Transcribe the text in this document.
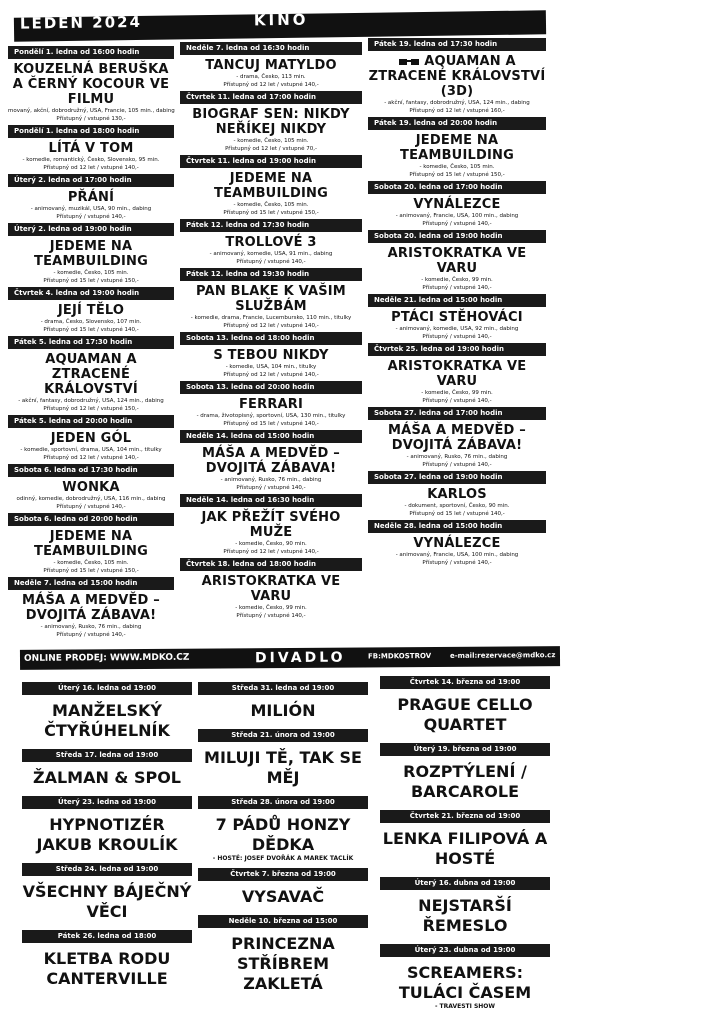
LEDEN 2024	KINO
Pondělí 1. ledna od 16:00 hodin
KOUZELNÁ BERUŠKA A ČERNÝ KOCOUR VE FILMU
movaný, akční, dobrodružný, USA, Francie, 105 min., dabing
Přístupný / vstupné 130,-
Pondělí 1. ledna od 18:00 hodin
LÍTÁ V TOM
- komedie, romantický, Česko, Slovensko, 95 min.
Přístupný od 12 let / vstupné 140,-
Úterý 2. ledna od 17:00 hodin
PŘÁNÍ
- animovaný, muzikál, USA, 90 min., dabing
Přístupný / vstupné 140,-
Úterý 2. ledna od 19:00 hodin
JEDEME NA TEAMBUILDING
- komedie, Česko, 105 min.
Přístupný od 15 let / vstupné 150,-
Čtvrtek 4. ledna od 19:00 hodin
JEJÍ TĚLO
- drama, Česko, Slovensko, 107 min.
Přístupný od 15 let / vstupné 140,-
Pátek 5. ledna od 17:30 hodin
AQUAMAN A ZTRACENÉ KRÁLOVSTVÍ
- akční, fantasy, dobrodružný, USA, 124 min., dabing
Přístupný od 12 let / vstupné 150,-
Pátek 5. ledna od 20:00 hodin
JEDEN GÓL
- komedie, sportovní, drama, USA, 104 min., titulky
Přístupný od 12 let / vstupné 140,-
Sobota 6. ledna od 17:30 hodin
WONKA
odinný, komedie, dobrodružný, USA, 116 min., dabing
Přístupný / vstupné 140,-
Sobota 6. ledna od 20:00 hodin
JEDEME NA TEAMBUILDING
- komedie, Česko, 105 min.
Přístupný od 15 let / vstupné 150,-
Neděle 7. ledna od 15:00 hodin
MÁŠA A MEDVĚD – DVOJITÁ ZÁBAVA!
- animovaný, Rusko, 76 min., dabing
Přístupný / vstupné 140,-
Neděle 7. ledna od 16:30 hodin
TANCUJ MATYLDO
- drama, Česko, 113 min.
Přístupný od 12 let / vstupné 140,-
Čtvrtek 11. ledna od 17:00 hodin
BIOGRAF SEN: NIKDY NEŘÍKEJ NIKDY
- komedie, Česko, 105 min.
Přístupný od 12 let / vstupné 70,-
Čtvrtek 11. ledna od 19:00 hodin
JEDEME NA TEAMBUILDING
- komedie, Česko, 105 min.
Přístupný od 15 let / vstupné 150,-
Pátek 12. ledna od 17:30 hodin
TROLLOVÉ 3
- animovaný, komedie, USA, 91 min., dabing
Přístupný / vstupné 140,-
Pátek 12. ledna od 19:30 hodin
PAN BLAKE K VAŠIM SLUŽBÁM
- komedie, drama, Francie, Lucembursko, 110 min., titulky
Přístupný od 12 let / vstupné 140,-
Sobota 13. ledna od 18:00 hodin
S TEBOU NIKDY
- komedie, USA, 104 min., titulky
Přístupný od 12 let / vstupné 140,-
Sobota 13. ledna od 20:00 hodin
FERRARI
- drama, životopisný, sportovní, USA, 130 min., titulky
Přístupný od 15 let / vstupné 140,-
Neděle 14. ledna od 15:00 hodin
MÁŠA A MEDVĚD – DVOJITÁ ZÁBAVA!
- animovaný, Rusko, 76 min., dabing
Přístupný / vstupné 140,-
Neděle 14. ledna od 16:30 hodin
JAK PŘEŽÍT SVÉHO MUŽE
- komedie, Česko, 90 min.
Přístupný od 12 let / vstupné 140,-
Čtvrtek 18. ledna od 18:00 hodin
ARISTOKRATKA VE VARU
- komedie, Česko, 99 min.
Přístupný / vstupné 140,-
Pátek 19. ledna od 17:30 hodin
AQUAMAN A ZTRACENÉ KRÁLOVSTVÍ (3D)
- akční, fantasy, dobrodružný, USA, 124 min., dabing
Přístupný od 12 let / vstupné 160,-
Pátek 19. ledna od 20:00 hodin
JEDEME NA TEAMBUILDING
- komedie, Česko, 105 min.
Přístupný od 15 let / vstupné 150,-
Sobota 20. ledna od 17:00 hodin
VYNÁLEZCE
- animovaný, Francie, USA, 100 min., dabing
Přístupný / vstupné 140,-
Sobota 20. ledna od 19:00 hodin
ARISTOKRATKA VE VARU
- komedie, Česko, 99 min.
Přístupný / vstupné 140,-
Neděle 21. ledna od 15:00 hodin
PTÁCI STĚHOVÁCI
- animovaný, komedie, USA, 92 min., dabing
Přístupný / vstupné 140,-
Čtvrtek 25. ledna od 19:00 hodin
ARISTOKRATKA VE VARU
- komedie, Česko, 99 min.
Přístupný / vstupné 140,-
Sobota 27. ledna od 17:00 hodin
MÁŠA A MEDVĚD – DVOJITÁ ZÁBAVA!
- animovaný, Rusko, 76 min., dabing
Přístupný / vstupné 140,-
Sobota 27. ledna od 19:00 hodin
KARLOS
- dokument, sportovní, Česko, 90 min.
Přístupný od 15 let / vstupné 140,-
Neděle 28. ledna od 15:00 hodin
VYNÁLEZCE
- animovaný, Francie, USA, 100 min., dabing
Přístupný / vstupné 140,-
ONLINE PRODEJ: WWW.MDKO.CZ	DIVADLO	FB:MDKOSTROV	e-mail:rezervace@mdko.cz
Úterý 16. ledna od 19:00
MANŽELSKÝ ČTYŘÚHELNÍK
Středa 17. ledna od 19:00
ŽALMAN & SPOL
Úterý 23. ledna od 19:00
HYPNOTIZÉR JAKUB KROULÍK
Středa 24. ledna od 19:00
VŠECHNY BÁJEČNÝ VĚCI
Pátek 26. ledna od 18:00
KLETBA RODU CANTERVILLE
Středa 31. ledna od 19:00
MILIÓN
Středa 21. února od 19:00
MILUJI TĚ, TAK SE MĚJ
Středa 28. února od 19:00
7 PÁDŮ HONZY DĚDKA
- HOSTÉ: JOSEF DVOŘÁK A MAREK TACLÍK
Čtvrtek 7. března od 19:00
VYSAVAČ
Neděle 10. března od 15:00
PRINCEZNA STŘÍBREM ZAKLETÁ
Čtvrtek 14. března od 19:00
PRAGUE CELLO QUARTET
Úterý 19. března od 19:00
ROZPTÝLENÍ / BARCAROLE
Čtvrtek 21. března od 19:00
LENKA FILIPOVÁ A HOSTÉ
Úterý 16. dubna od 19:00
NEJSTARŠÍ ŘEMESLO
Úterý 23. dubna od 19:00
SCREAMERS: TULÁCI ČASEM
- TRAVESTI SHOW
